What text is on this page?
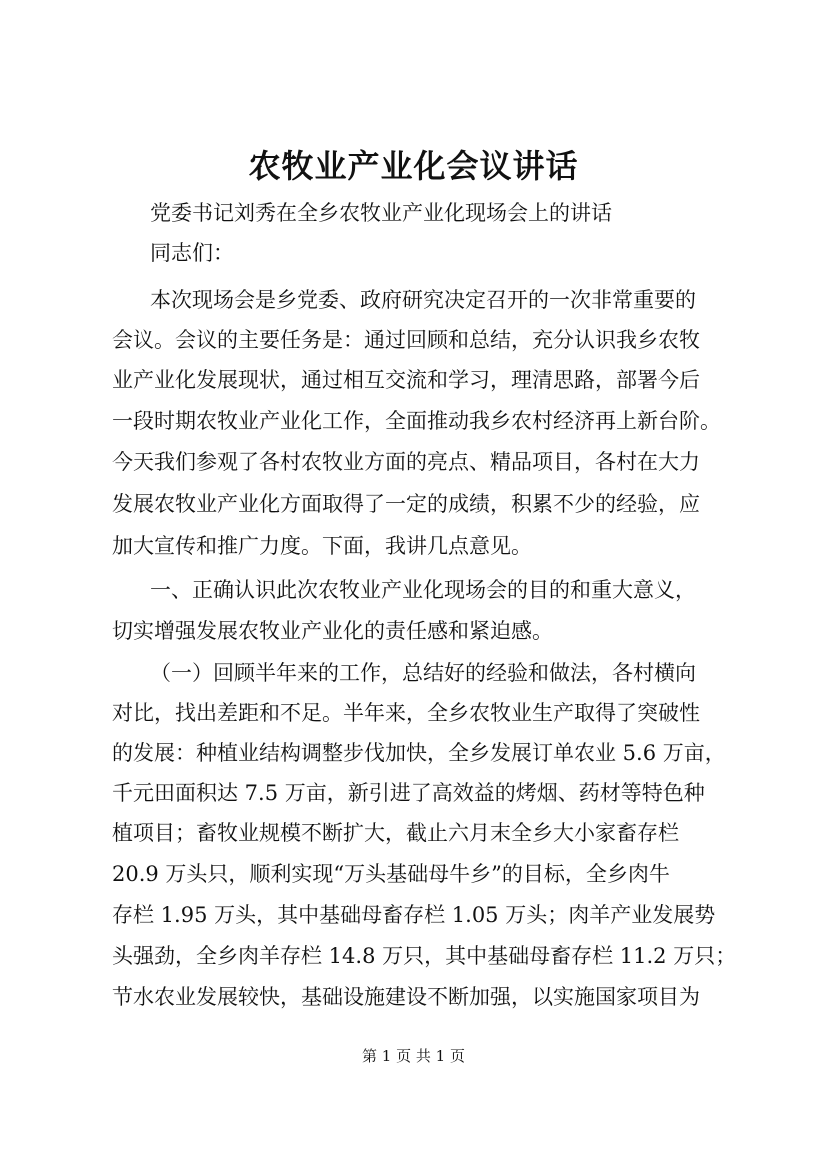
农牧业产业化会议讲话
党委书记刘秀在全乡农牧业产业化现场会上的讲话
同志们：
本次现场会是乡党委、政府研究决定召开的一次非常重要的
会议。会议的主要任务是：通过回顾和总结，充分认识我乡农牧
业产业化发展现状，通过相互交流和学习，理清思路，部署今后
一段时期农牧业产业化工作，全面推动我乡农村经济再上新台阶。
今天我们参观了各村农牧业方面的亮点、精品项目，各村在大力
发展农牧业产业化方面取得了一定的成绩，积累不少的经验，应
加大宣传和推广力度。下面，我讲几点意见。
一、正确认识此次农牧业产业化现场会的目的和重大意义，
切实增强发展农牧业产业化的责任感和紧迫感。
（一）回顾半年来的工作，总结好的经验和做法，各村横向
对比，找出差距和不足。半年来，全乡农牧业生产取得了突破性
的发展：种植业结构调整步伐加快，全乡发展订单农业 5.6 万亩，
千元田面积达 7.5 万亩，新引进了高效益的烤烟、药材等特色种
植项目；畜牧业规模不断扩大，截止六月末全乡大小家畜存栏
20.9 万头只，顺利实现“万头基础母牛乡”的目标，全乡肉牛
存栏 1.95 万头，其中基础母畜存栏 1.05 万头；肉羊产业发展势
头强劲，全乡肉羊存栏 14.8 万只，其中基础母畜存栏 11.2 万只；
节水农业发展较快，基础设施建设不断加强，以实施国家项目为
第 1 页 共 1 页
